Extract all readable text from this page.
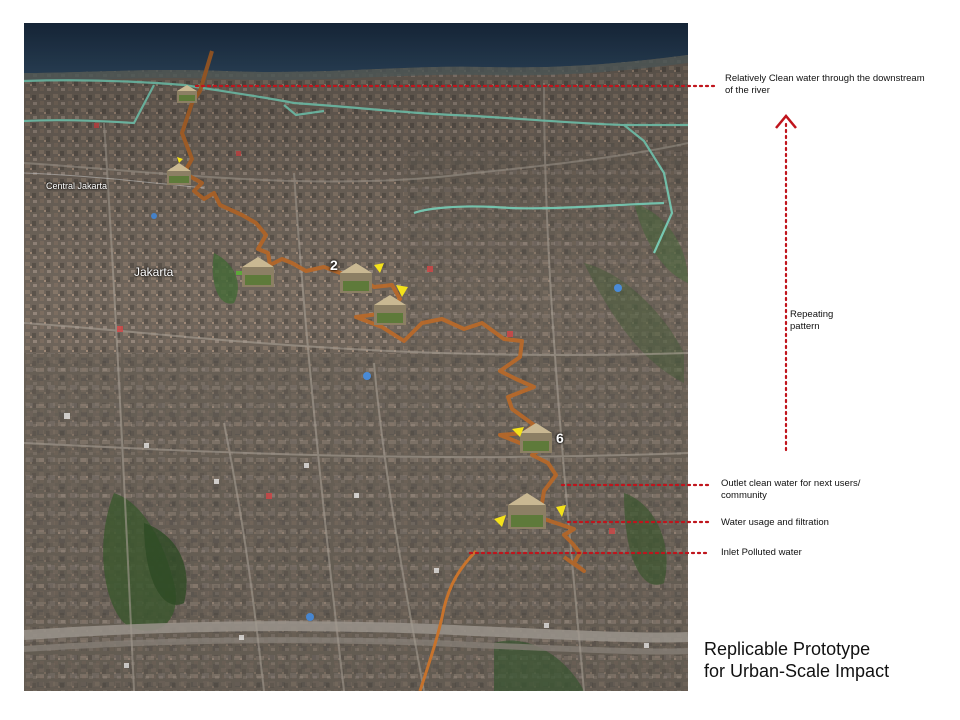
Central Jakarta
Jakarta	2
6
Relatively Clean water through the downstream of the river
Repeating pattern
Outlet clean water for next users/ community
Water usage and filtration
Inlet Polluted water
Replicable Prototype
for Urban-Scale Impact
